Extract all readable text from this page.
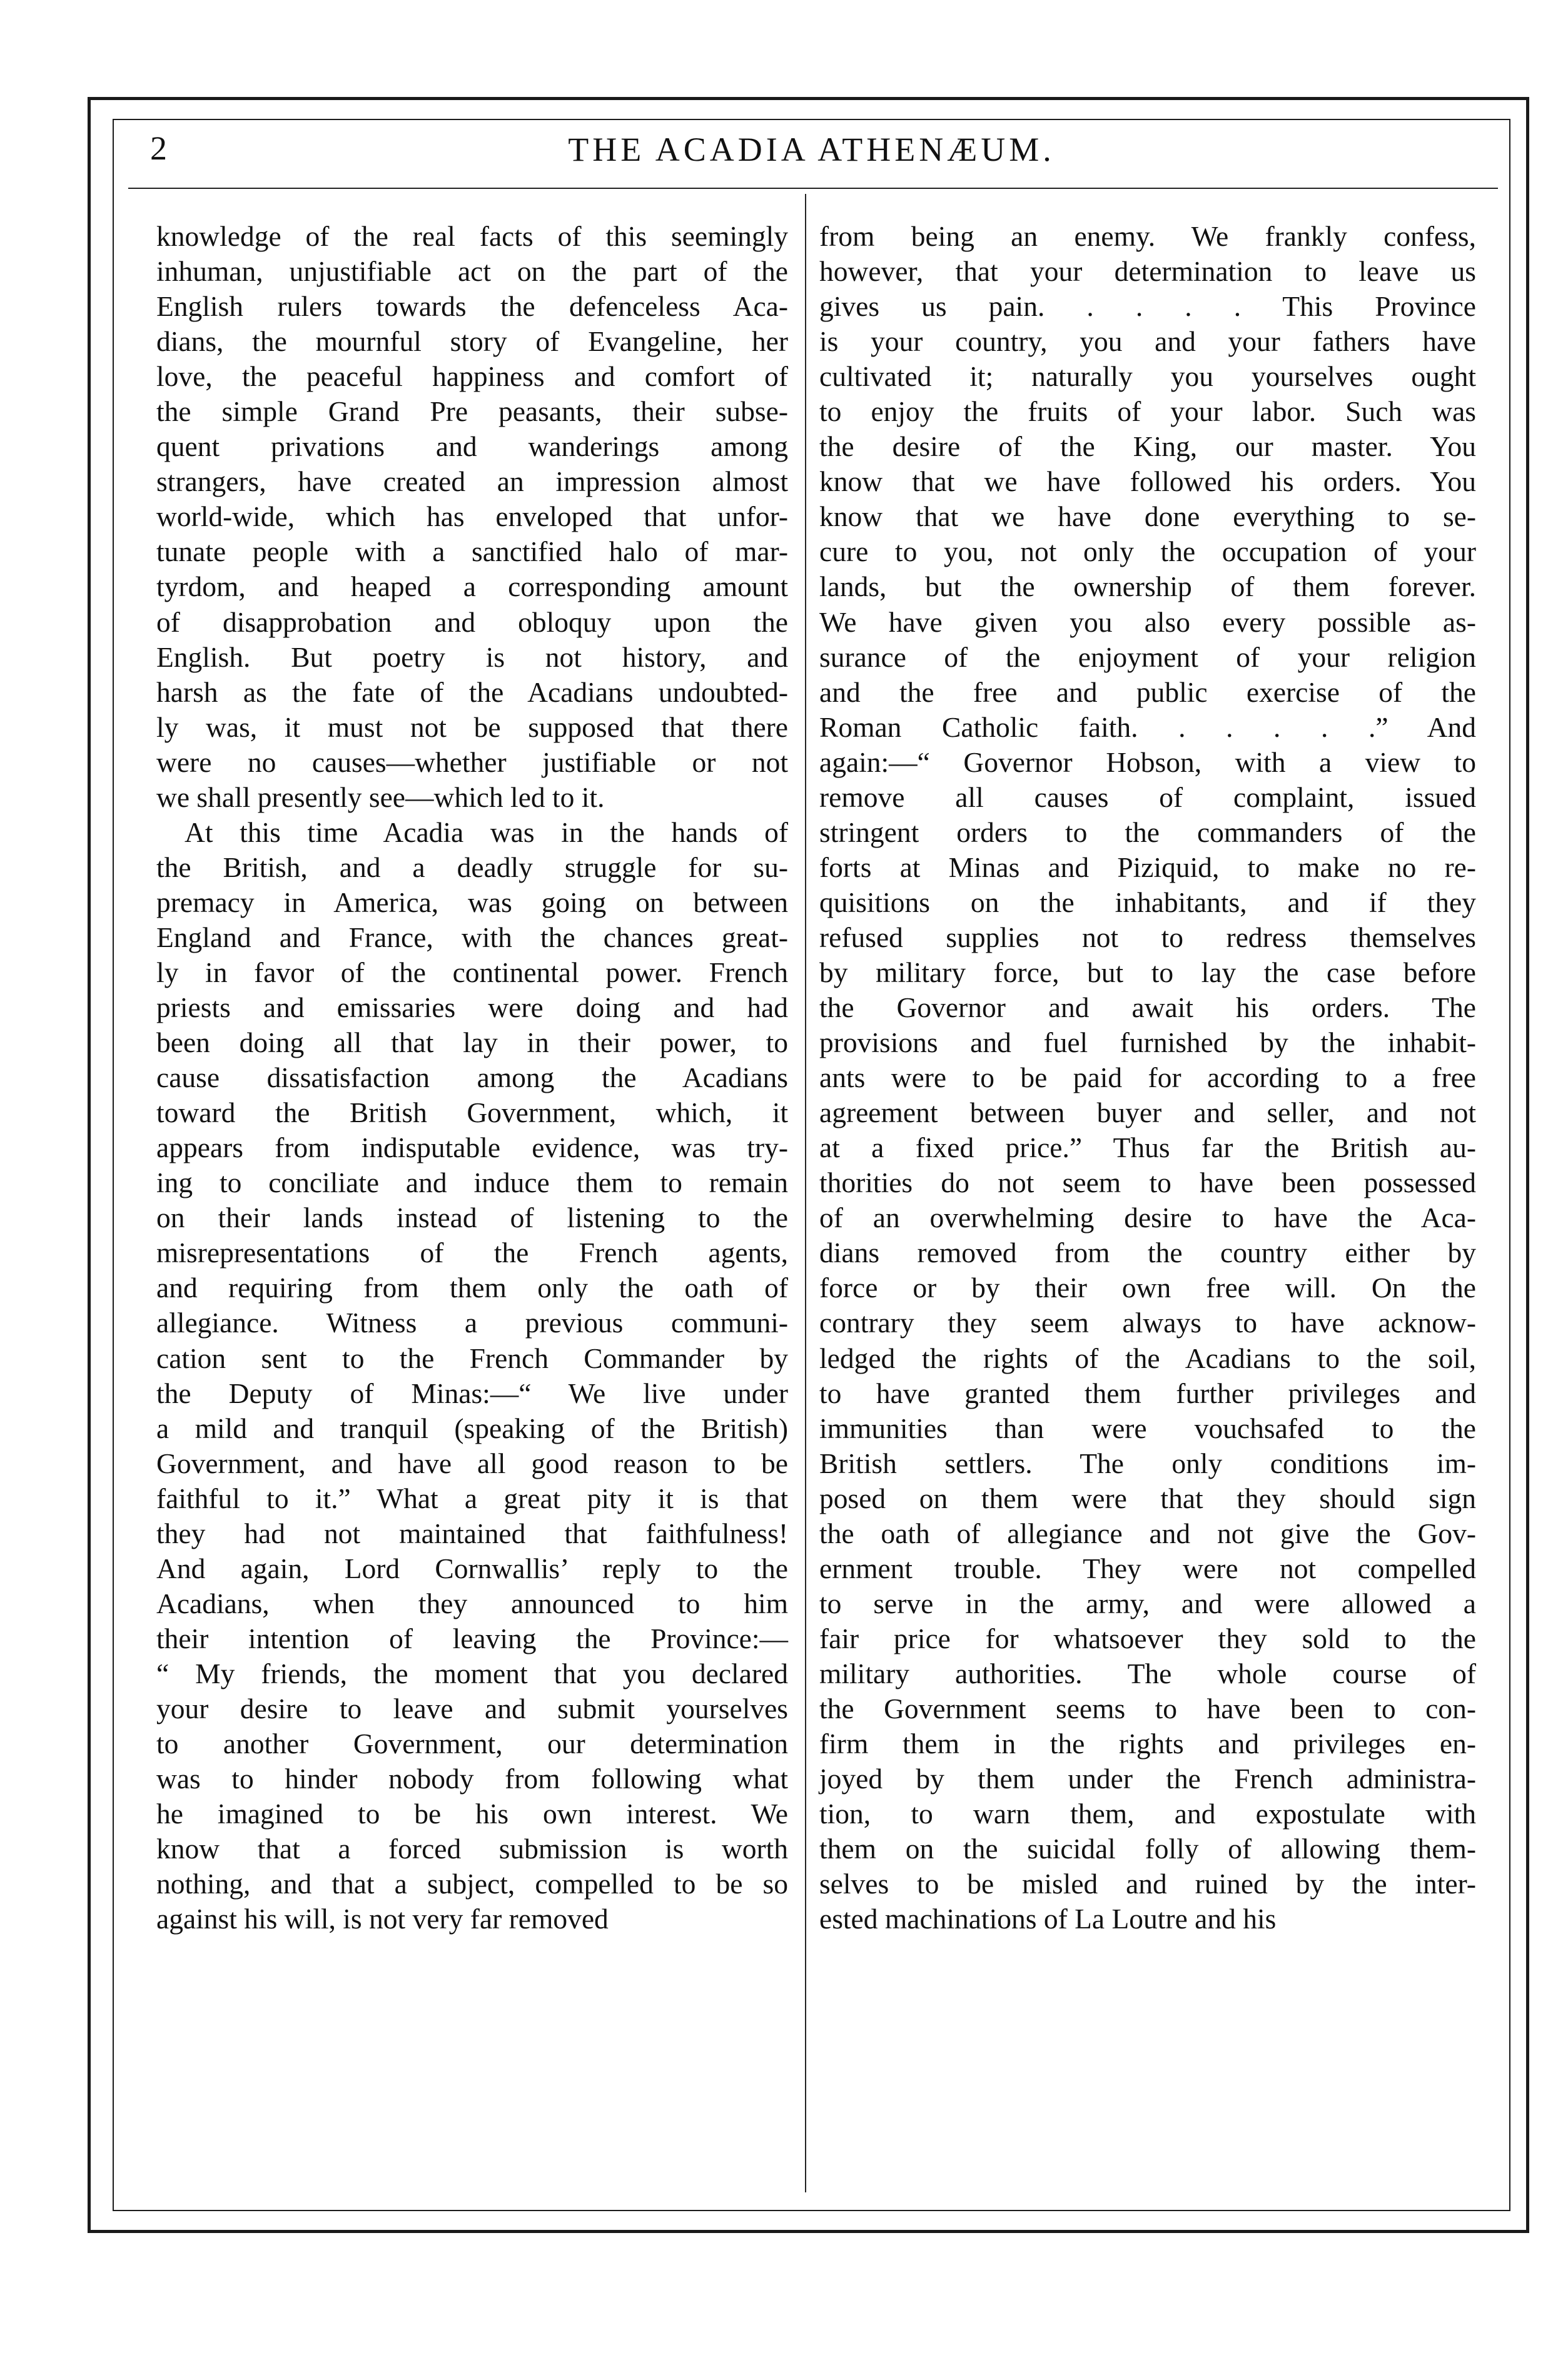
2	THE ACADIA ATHENÆUM.
knowledge of the real facts of this seemingly
inhuman, unjustifiable act on the part of the
English rulers towards the defenceless Aca-
dians, the mournful story of Evangeline, her
love, the peaceful happiness and comfort of
the simple Grand Pre peasants, their subse-
quent privations and wanderings among
strangers, have created an impression almost
world-wide, which has enveloped that unfor-
tunate people with a sanctified halo of mar-
tyrdom, and heaped a corresponding amount
of disapprobation and obloquy upon the
English. But poetry is not history, and
harsh as the fate of the Acadians undoubted-
ly was, it must not be supposed that there
were no causes—whether justifiable or not
we shall presently see—which led to it.
At this time Acadia was in the hands of
the British, and a deadly struggle for su-
premacy in America, was going on between
England and France, with the chances great-
ly in favor of the continental power. French
priests and emissaries were doing and had
been doing all that lay in their power, to
cause dissatisfaction among the Acadians
toward the British Government, which, it
appears from indisputable evidence, was try-
ing to conciliate and induce them to remain
on their lands instead of listening to the
misrepresentations of the French agents,
and requiring from them only the oath of
allegiance. Witness a previous communi-
cation sent to the French Commander by
the Deputy of Minas:—“ We live under
a mild and tranquil (speaking of the British)
Government, and have all good reason to be
faithful to it.” What a great pity it is that
they had not maintained that faithfulness!
And again, Lord Cornwallis’ reply to the
Acadians, when they announced to him
their intention of leaving the Province:—
“ My friends, the moment that you declared
your desire to leave and submit yourselves
to another Government, our determination
was to hinder nobody from following what
he imagined to be his own interest. We
know that a forced submission is worth
nothing, and that a subject, compelled to be so
against his will, is not very far removed
from being an enemy. We frankly confess,
however, that your determination to leave us
gives us pain. . . . . This Province
is your country, you and your fathers have
cultivated it; naturally you yourselves ought
to enjoy the fruits of your labor. Such was
the desire of the King, our master. You
know that we have followed his orders. You
know that we have done everything to se-
cure to you, not only the occupation of your
lands, but the ownership of them forever.
We have given you also every possible as-
surance of the enjoyment of your religion
and the free and public exercise of the
Roman Catholic faith. . . . . .” And
again:—“ Governor Hobson, with a view to
remove all causes of complaint, issued
stringent orders to the commanders of the
forts at Minas and Piziquid, to make no re-
quisitions on the inhabitants, and if they
refused supplies not to redress themselves
by military force, but to lay the case before
the Governor and await his orders. The
provisions and fuel furnished by the inhabit-
ants were to be paid for according to a free
agreement between buyer and seller, and not
at a fixed price.” Thus far the British au-
thorities do not seem to have been possessed
of an overwhelming desire to have the Aca-
dians removed from the country either by
force or by their own free will. On the
contrary they seem always to have acknow-
ledged the rights of the Acadians to the soil,
to have granted them further privileges and
immunities than were vouchsafed to the
British settlers. The only conditions im-
posed on them were that they should sign
the oath of allegiance and not give the Gov-
ernment trouble. They were not compelled
to serve in the army, and were allowed a
fair price for whatsoever they sold to the
military authorities. The whole course of
the Government seems to have been to con-
firm them in the rights and privileges en-
joyed by them under the French administra-
tion, to warn them, and expostulate with
them on the suicidal folly of allowing them-
selves to be misled and ruined by the inter-
ested machinations of La Loutre and his
